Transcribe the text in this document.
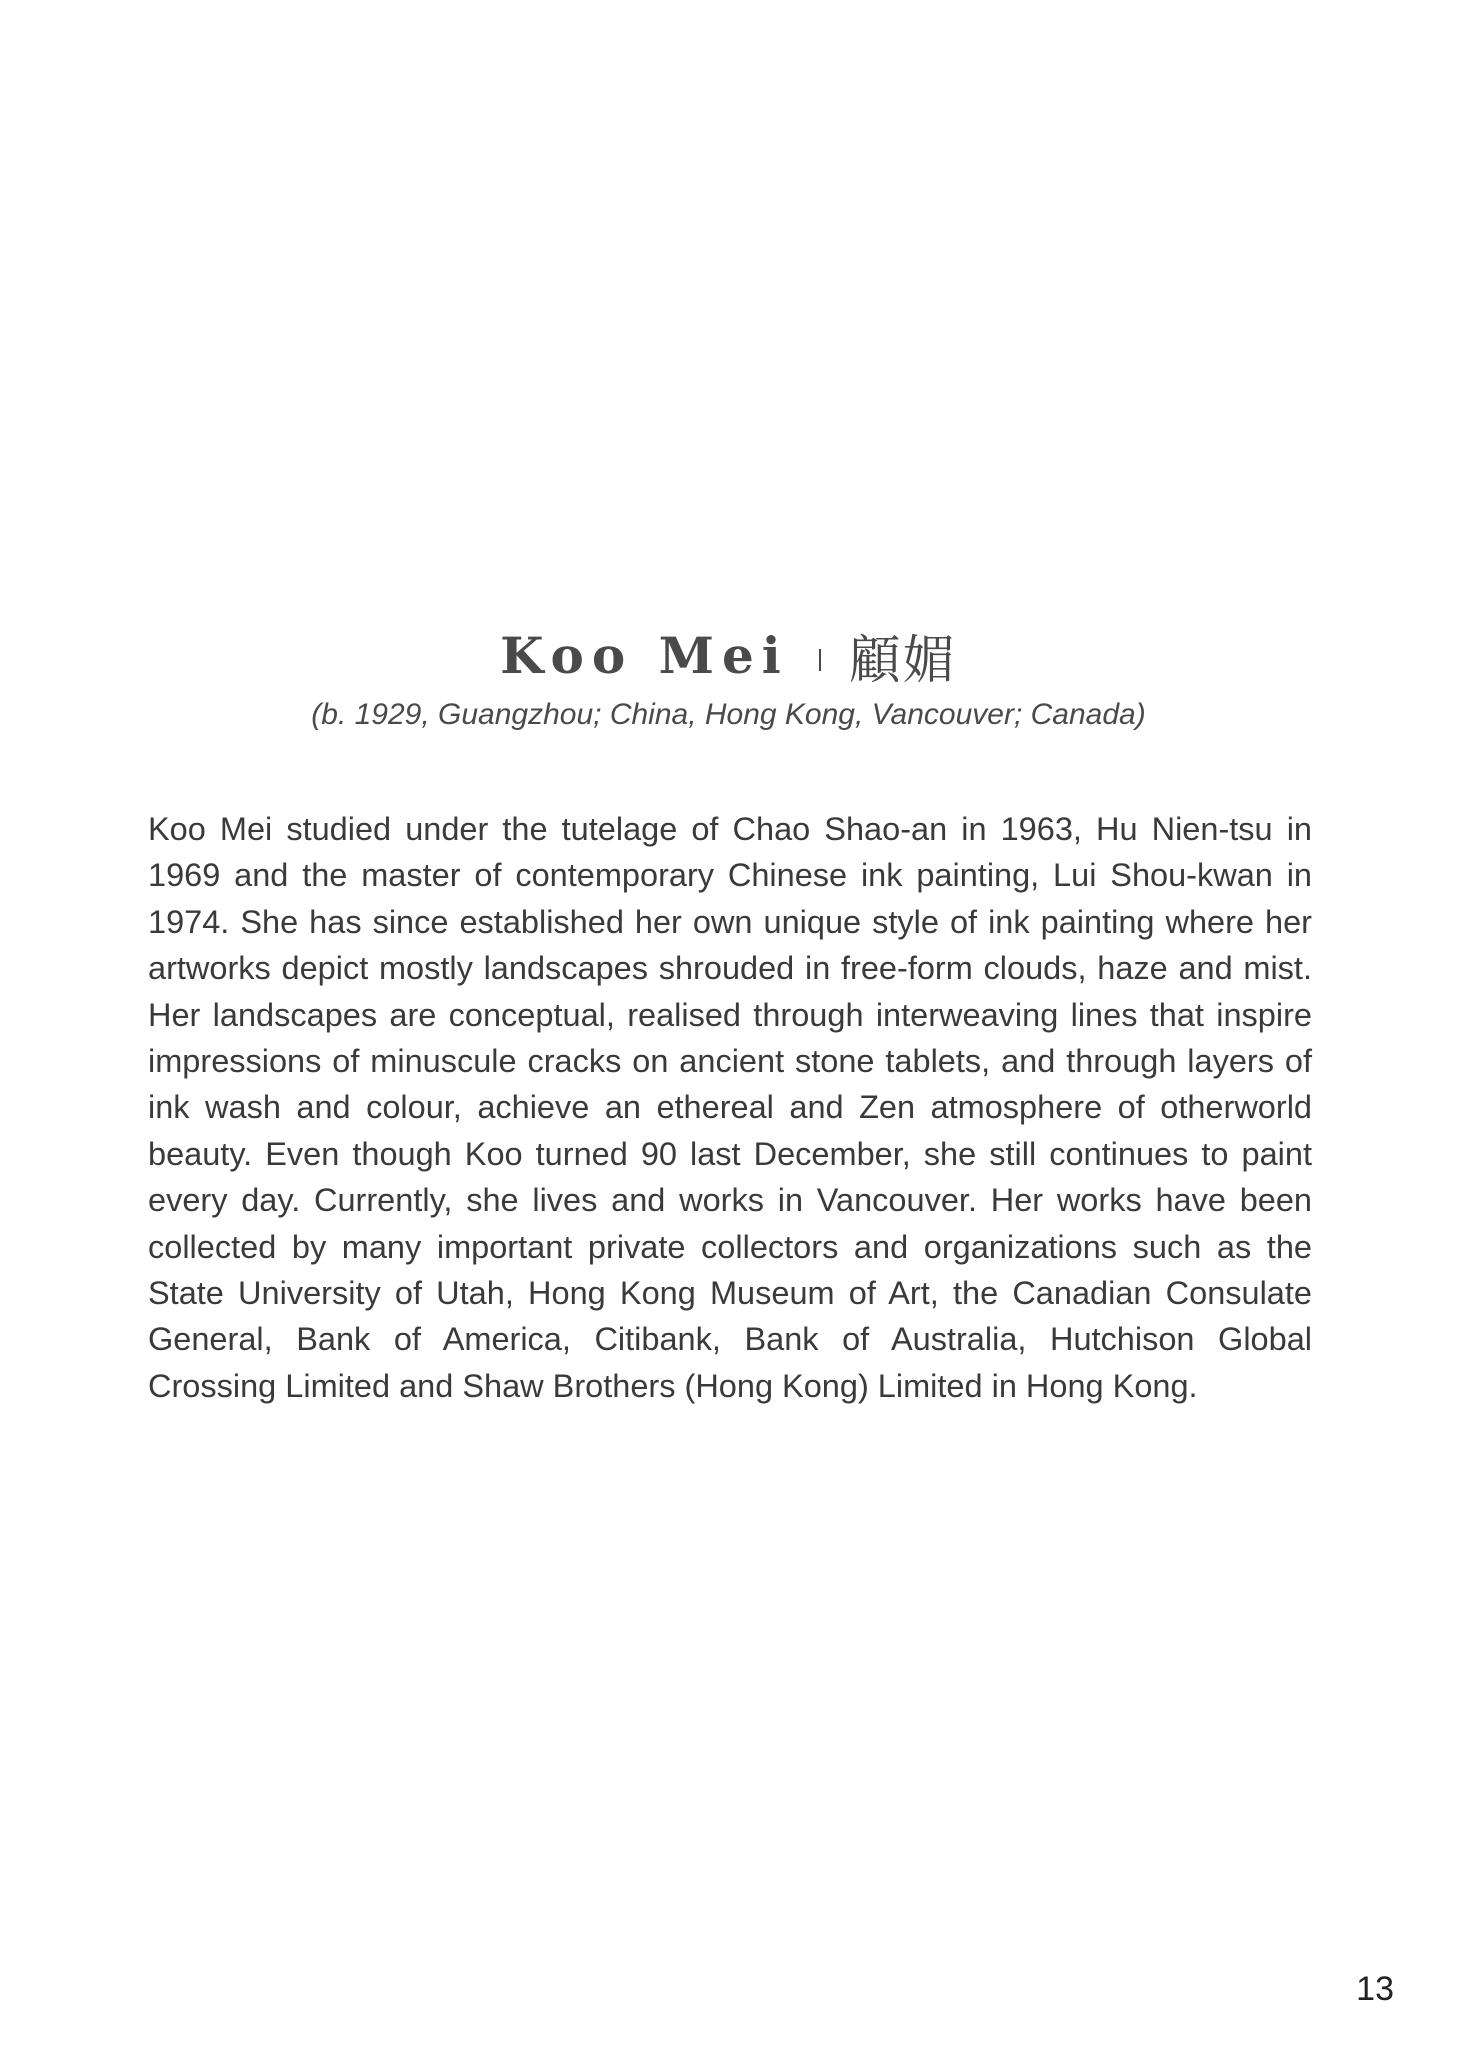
Koo Mei 顧媚
(b. 1929, Guangzhou; China, Hong Kong, Vancouver; Canada)
Koo Mei studied under the tutelage of Chao Shao-an in 1963, Hu Nien-tsu in 1969 and the master of contemporary Chinese ink painting, Lui Shou-kwan in 1974. She has since established her own unique style of ink painting where her artworks depict mostly landscapes shrouded in free-form clouds, haze and mist. Her landscapes are conceptual, realised through interweaving lines that inspire impressions of minuscule cracks on ancient stone tablets, and through layers of ink wash and colour, achieve an ethereal and Zen atmosphere of otherworld beauty. Even though Koo turned 90 last December, she still continues to paint every day. Currently, she lives and works in Vancouver. Her works have been collected by many important private collectors and organizations such as the State University of Utah, Hong Kong Museum of Art, the Canadian Consulate General, Bank of America, Citibank, Bank of Australia, Hutchison Global Crossing Limited and Shaw Brothers (Hong Kong) Limited in Hong Kong.
13
